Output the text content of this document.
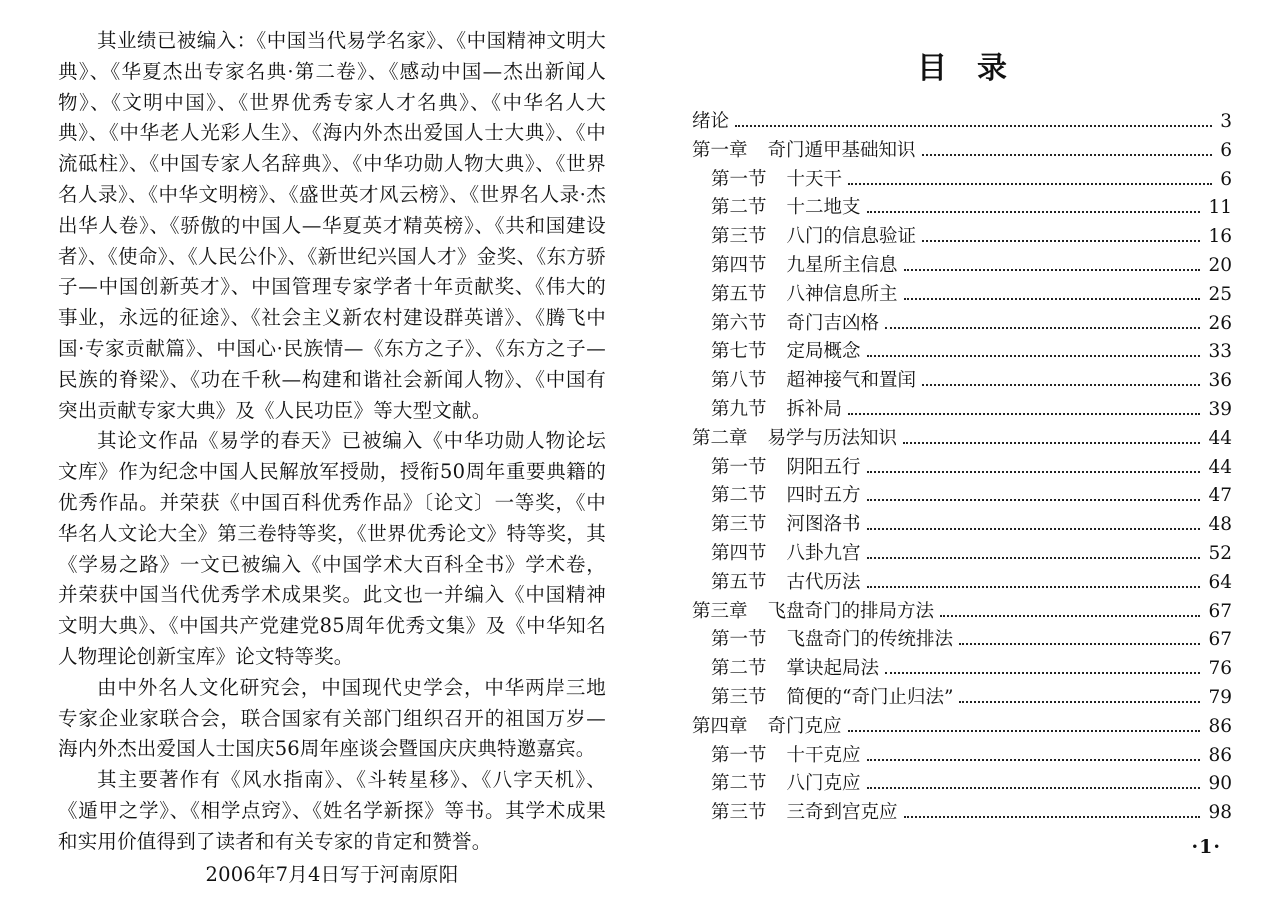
其业绩已被编入：《中国当代易学名家》、《中国精神文明大典》、《华夏杰出专家名典·第二卷》、《感动中国—杰出新闻人物》、《文明中国》、《世界优秀专家人才名典》、《中华名人大典》、《中华老人光彩人生》、《海内外杰出爱国人士大典》、《中流砥柱》、《中国专家人名辞典》、《中华功勋人物大典》、《世界名人录》、《中华文明榜》、《盛世英才风云榜》、《世界名人录·杰出华人卷》、《骄傲的中国人—华夏英才精英榜》、《共和国建设者》、《使命》、《人民公仆》、《新世纪兴国人才》金奖、《东方骄子—中国创新英才》、中国管理专家学者十年贡献奖、《伟大的事业，永远的征途》、《社会主义新农村建设群英谱》、《腾飞中国·专家贡献篇》、中国心·民族情—《东方之子》、《东方之子—民族的脊梁》、《功在千秋—构建和谐社会新闻人物》、《中国有突出贡献专家大典》及《人民功臣》等大型文献。

其论文作品《易学的春天》已被编入《中华功勋人物论坛文库》作为纪念中国人民解放军授勋，授衔50周年重要典籍的优秀作品。并荣获《中国百科优秀作品》〔论文〕一等奖，《中华名人文论大全》第三卷特等奖，《世界优秀论文》特等奖，其《学易之路》一文已被编入《中国学术大百科全书》学术卷，并荣获中国当代优秀学术成果奖。此文也一并编入《中国精神文明大典》、《中国共产党建党85周年优秀文集》及《中华知名人物理论创新宝库》论文特等奖。

由中外名人文化研究会，中国现代史学会，中华两岸三地专家企业家联合会，联合国家有关部门组织召开的祖国万岁—海内外杰出爱国人士国庆56周年座谈会暨国庆庆典特邀嘉宾。

其主要著作有《风水指南》、《斗转星移》、《八字天机》、《遁甲之学》、《相学点窍》、《姓名学新探》等书。其学术成果和实用价值得到了读者和有关专家的肯定和赞誉。

2006年7月4日写于河南原阳

目录
绪论	3
第一章 奇门遁甲基础知识	6
第一节 十天干	6
第二节 十二地支	11
第三节 八门的信息验证	16
第四节 九星所主信息	20
第五节 八神信息所主	25
第六节 奇门吉凶格	26
第七节 定局概念	33
第八节 超神接气和置闰	36
第九节 拆补局	39
第二章 易学与历法知识	44
第一节 阴阳五行	44
第二节 四时五方	47
第三节 河图洛书	48
第四节 八卦九宫	52
第五节 古代历法	64
第三章 飞盘奇门的排局方法	67
第一节 飞盘奇门的传统排法	67
第二节 掌诀起局法	76
第三节 简便的“奇门止归法”	79
第四章 奇门克应	86
第一节 十干克应	86
第二节 八门克应	90
第三节 三奇到宫克应	98
·1·
